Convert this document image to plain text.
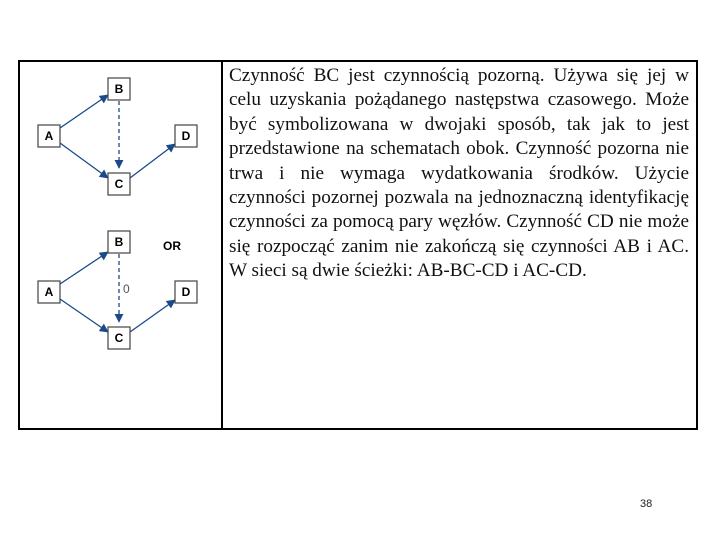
B
A	D
C
OR
0
B
A	D
C
Czynność BC jest czynnością pozorną. Używa się jej w celu uzyskania pożądanego następstwa czasowego. Może być symbolizowana w dwojaki sposób, tak jak to jest przedstawione na schematach obok. Czynność pozorna nie trwa i nie wymaga wydatkowania środków. Użycie czynności pozornej pozwala na jednoznaczną identyfikację czynności za pomocą pary węzłów. Czynność CD nie może się rozpocząć zanim nie zakończą się czynności AB i AC. W sieci są dwie ścieżki: AB-BC-CD i AC-CD.
38
